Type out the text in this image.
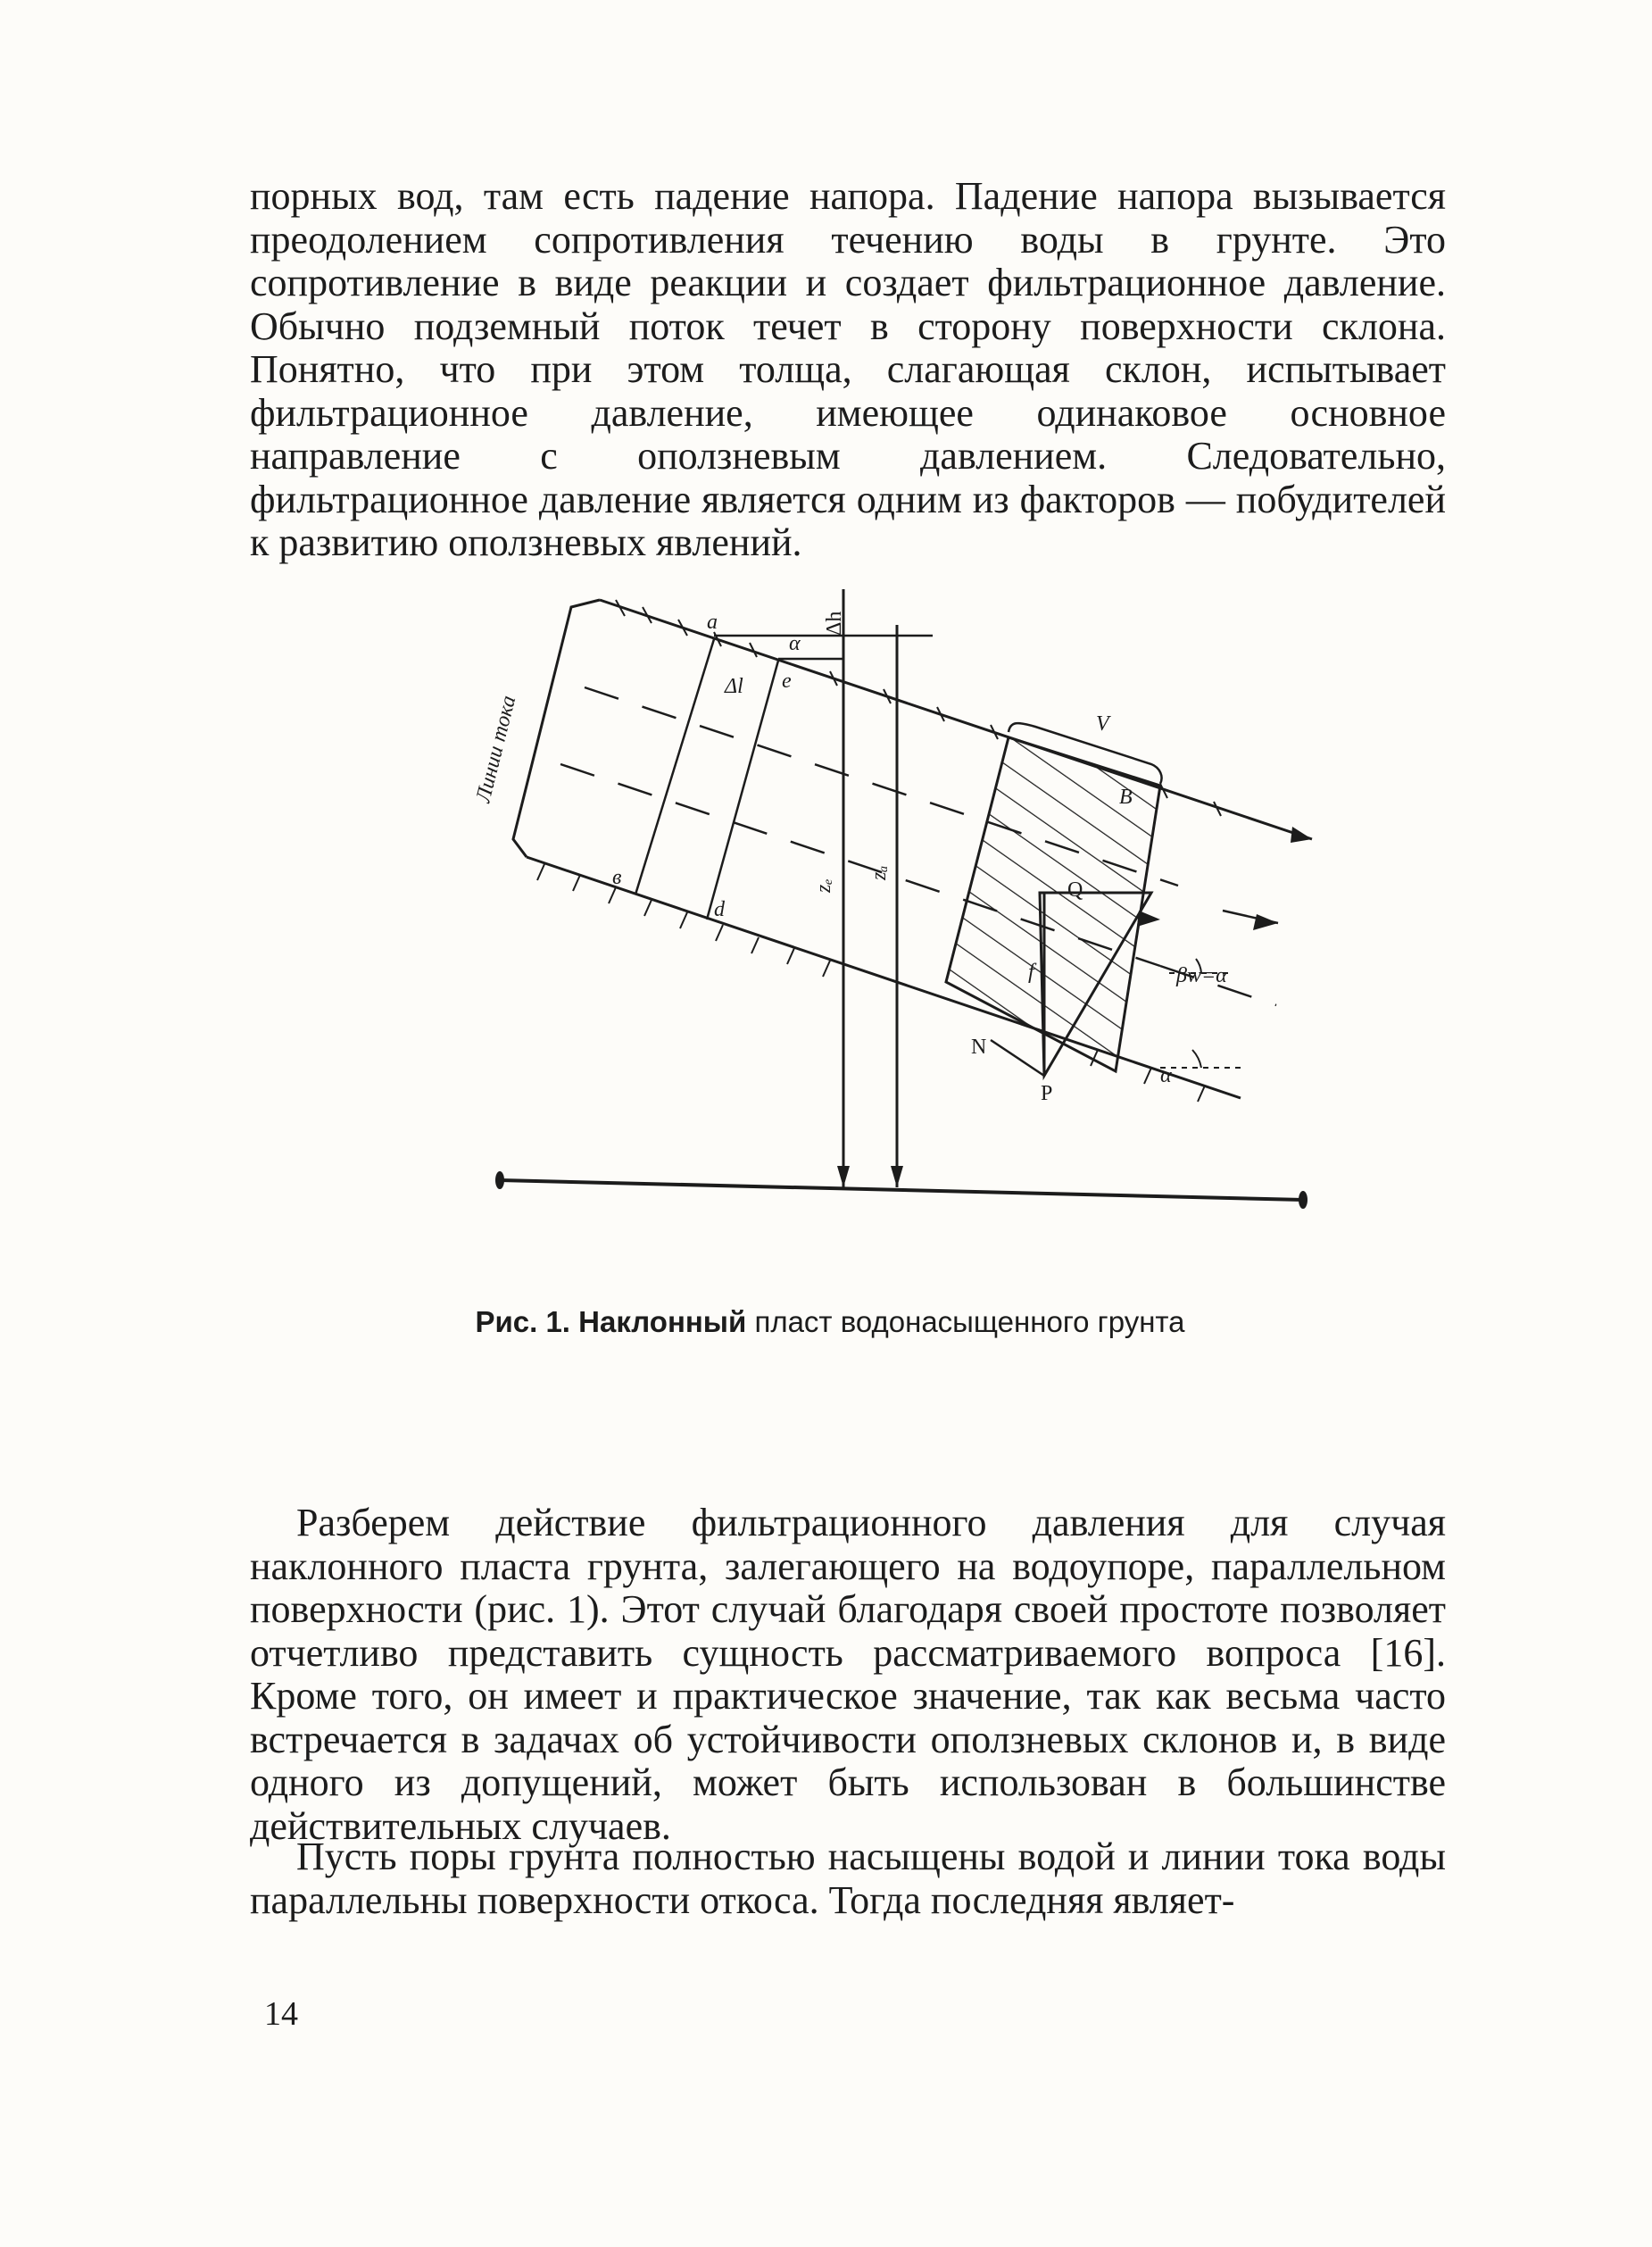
порных вод, там есть падение напора. Падение напора вызывается преодолением сопротивления течению воды в грунте. Это сопротивление в виде реакции и создает фильтрационное давление. Обычно подземный поток течет в сторону поверхности склона. Понятно, что при этом толща, слагающая склон, испытывает фильтрационное давление, имеющее одинаковое основное направление с оползневым давлением. Следовательно, фильтрационное давление является одним из факторов — побудителей к развитию оползневых явлений.

Линии тока
a
e
α
Δh
Δl
в
d
zₑ
zₐ
V
B
Q
N
P
f	βw=α
α
Рис. 1. Наклонный пласт водонасыщенного грунта

Разберем действие фильтрационного давления для случая наклонного пласта грунта, залегающего на водоупоре, параллельном поверхности (рис. 1). Этот случай благодаря своей простоте позволяет отчетливо представить сущность рассматриваемого вопроса [16]. Кроме того, он имеет и практическое значение, так как весьма часто встречается в задачах об устойчивости оползневых склонов и, в виде одного из допущений, может быть использован в большинстве действительных случаев.

Пусть поры грунта полностью насыщены водой и линии тока воды параллельны поверхности откоса. Тогда последняя являет-

14
